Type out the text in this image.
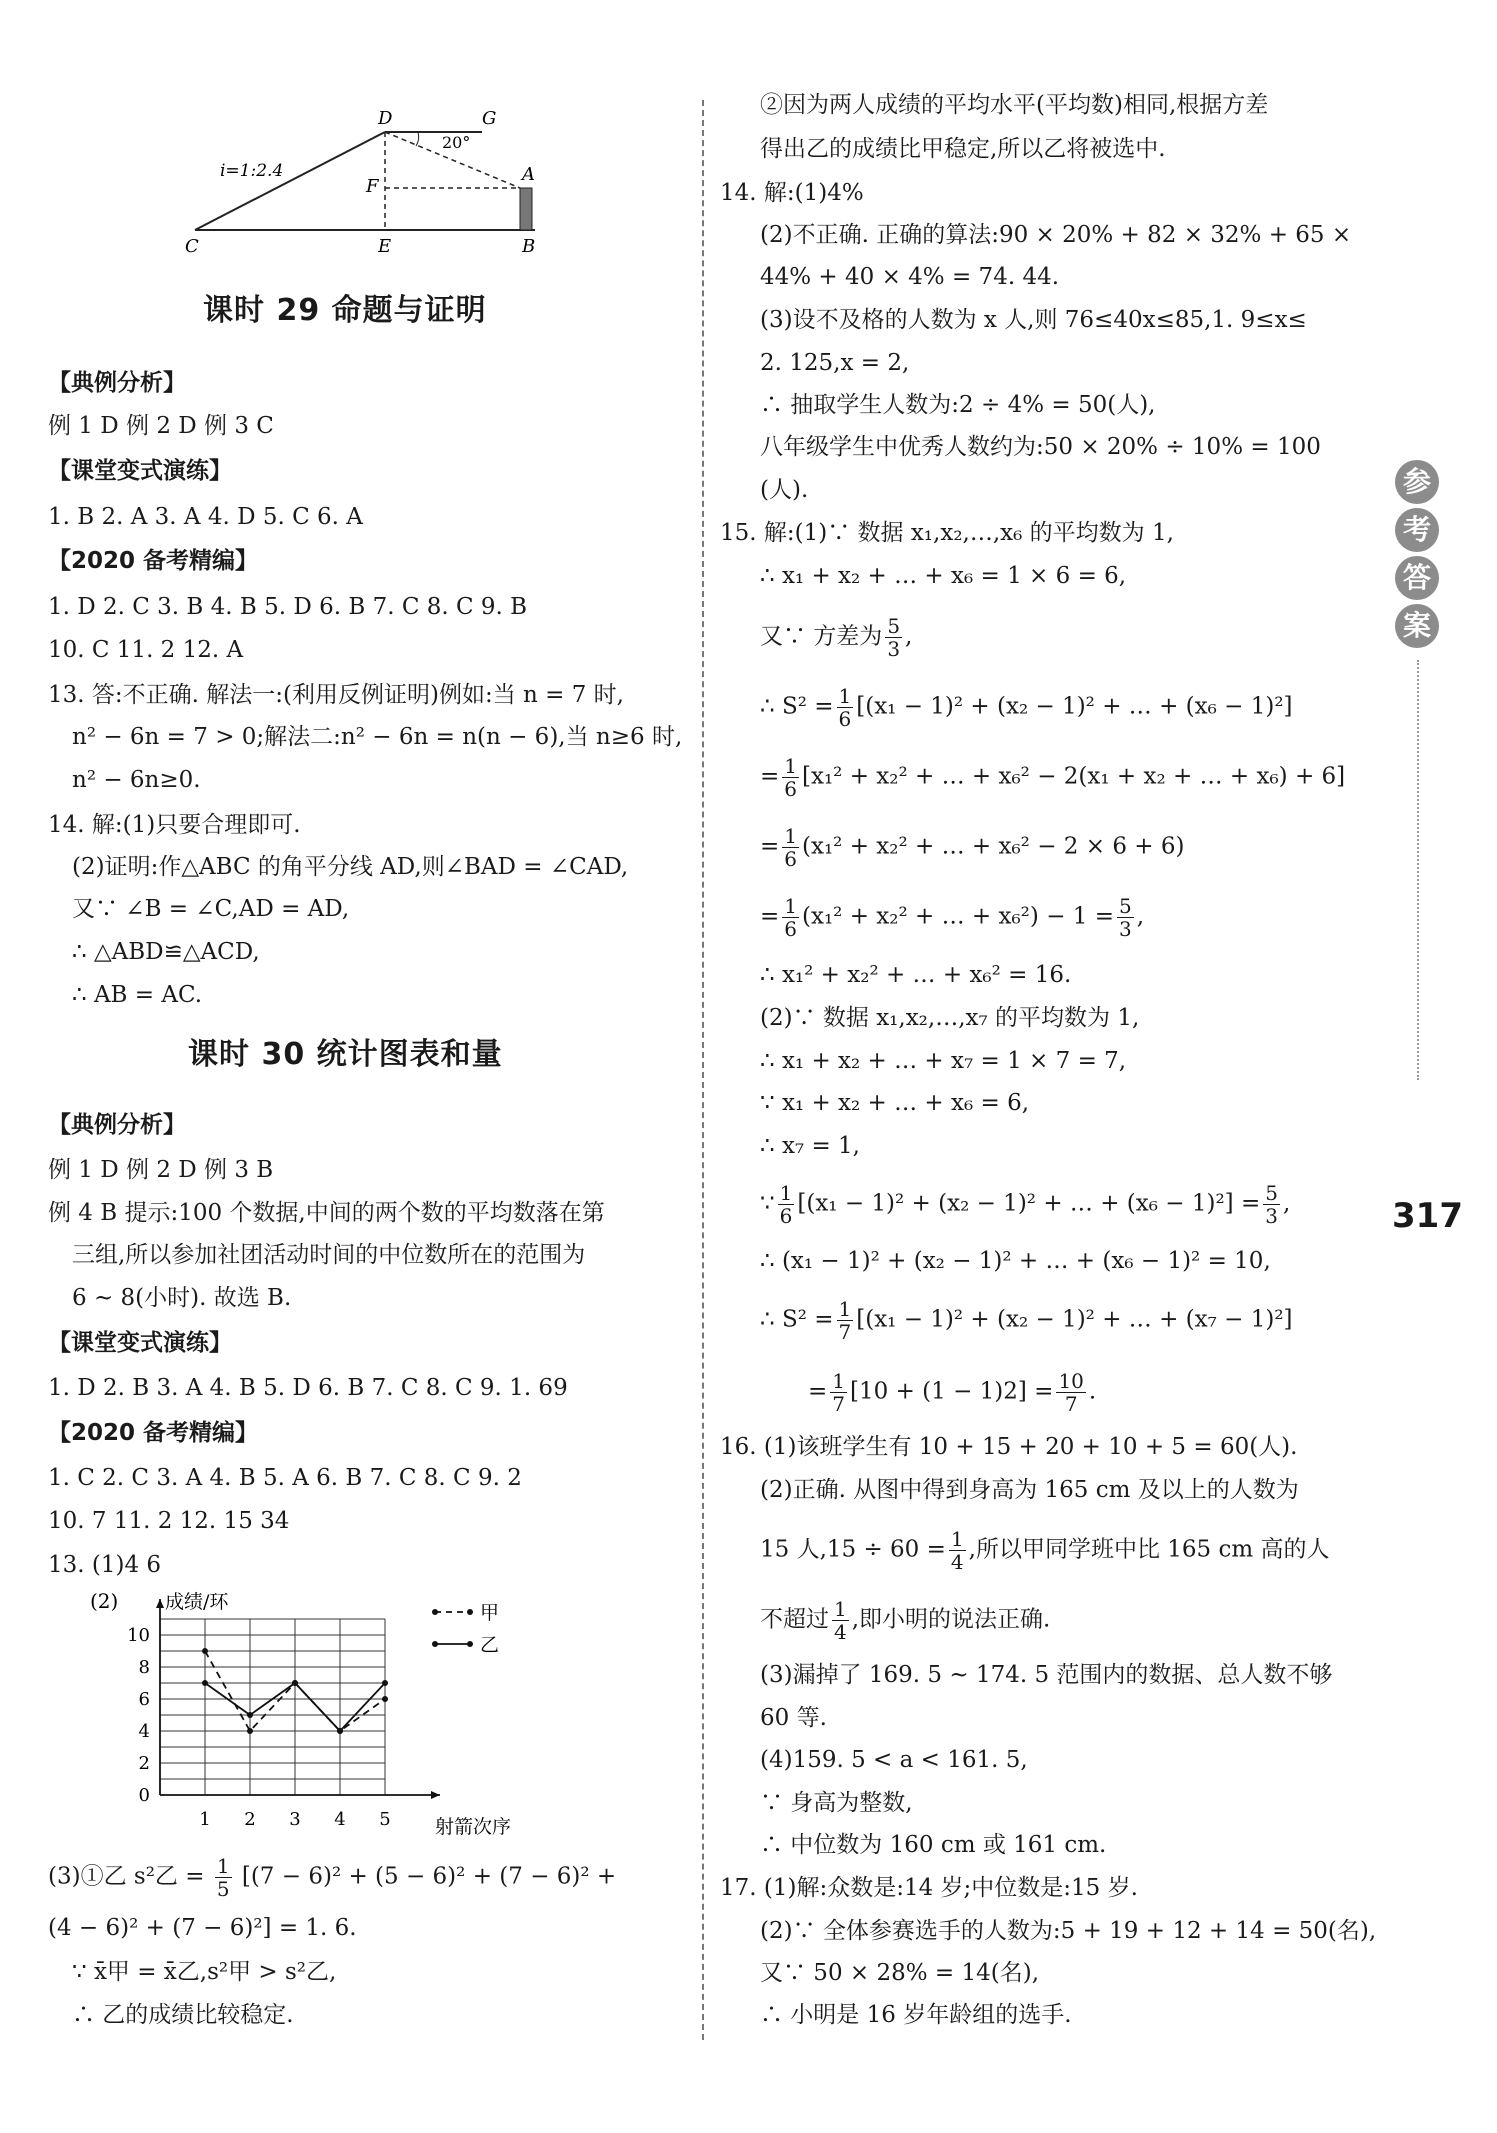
D	G
A
F
C	E	B
i=1:2.4
20°
课时 29 命题与证明
【典例分析】
例 1 D 例 2 D 例 3 C
【课堂变式演练】
1. B 2. A 3. A 4. D 5. C 6. A
【2020 备考精编】
1. D 2. C 3. B 4. B 5. D 6. B 7. C 8. C 9. B
10. C 11. 2 12. A
13. 答:不正确. 解法一:(利用反例证明)例如:当 n = 7 时,
n² − 6n = 7 > 0;解法二:n² − 6n = n(n − 6),当 n≥6 时,
n² − 6n≥0.
14. 解:(1)只要合理即可.
(2)证明:作△ABC 的角平分线 AD,则∠BAD = ∠CAD,
又∵ ∠B = ∠C,AD = AD,
∴ △ABD≌△ACD,
∴ AB = AC.
课时 30 统计图表和量
【典例分析】
例 1 D 例 2 D 例 3 B
例 4 B 提示:100 个数据,中间的两个数的平均数落在第
三组,所以参加社团活动时间的中位数所在的范围为
6 ~ 8(小时). 故选 B.
【课堂变式演练】
1. D 2. B 3. A 4. B 5. D 6. B 7. C 8. C 9. 1. 69
【2020 备考精编】
1. C 2. C 3. A 4. B 5. A 6. B 7. C 8. C 9. 2
10. 7 11. 2 12. 15 34
13. (1)4 6
(3)①乙 s²乙 = $\frac{1}{5} [(7 - 6)^2 + (5 - 6)^2 + (7 - 6)^2$ +
(4 − 6)² + (7 − 6)²] = 1. 6.
∵ x̄甲 = x̄乙,s²甲 > s²乙,
∴ 乙的成绩比较稳定.
(2) 成绩/环
射箭次序
0
2
4
6
8
10
1 2 3 4 5
甲
乙
②因为两人成绩的平均水平(平均数)相同,根据方差
得出乙的成绩比甲稳定,所以乙将被选中.
14. 解:(1)4%
(2)不正确. 正确的算法:90 × 20% + 82 × 32% + 65 ×
44% + 40 × 4% = 74. 44.
(3)设不及格的人数为 x 人,则 76≤40x≤85,1. 9≤x≤
2. 125,x = 2,
∴ 抽取学生人数为:2 ÷ 4% = 50(人),
八年级学生中优秀人数约为:50 × 20% ÷ 10% = 100
(人).
15. 解:(1)∵ 数据 x₁,x₂,…,x₆ 的平均数为 1,
∴ x₁ + x₂ + … + x₆ = 1 × 6 = 6,
又∵ 方差为 $\frac{5}{3}$ ,
∴ $S^2 = \frac{1}{6} [(x_1 - 1)^2 + (x_2 - 1)^2$ + … + (x₆ − 1)²]
= $\frac{1}{6} [x_1^2 + x_2^2$ + … + x₆² − 2(x₁ + x₂ + … + x₆) + 6]
= $\frac{1}{6} (x_1^2 + x_2^2$ + … + x₆² − 2 × 6 + 6)
= $\frac{1}{6} (x_1^2 + x_2^2$ + … + $x_6^2) - 1 = \frac{5}{3}$ ,
∴ x₁² + x₂² + … + x₆² = 16.
(2)∵ 数据 x₁,x₂,…,x₇ 的平均数为 1,
∴ x₁ + x₂ + … + x₇ = 1 × 7 = 7,
∵ x₁ + x₂ + … + x₆ = 6,
∴ x₇ = 1,
∵ $\frac{1}{6} [(x_1 - 1)^2 + (x_2 - 1)^2$ + … + $(x_6 - 1)^2] = \frac{5}{3}$ ,
∴ (x₁ − 1)² + (x₂ − 1)² + … + (x₆ − 1)² = 10,
∴ $S^2 = \frac{1}{7} [(x_1 - 1)^2 + (x_2 - 1)^2$ + … + (x₇ − 1)²]
= $\frac{1}{7} [10 + (1 - 1)2] = \frac{10}{7}$ .
16. (1)该班学生有 10 + 15 + 20 + 10 + 5 = 60(人).
(2)正确. 从图中得到身高为 165 cm 及以上的人数为
15 人$,15 \div 60 = \frac{1}{4}$ ,所以甲同学班中比 165 cm 高的人
不超过 $\frac{1}{4}$ ,即小明的说法正确.
(3)漏掉了 169. 5 ~ 174. 5 范围内的数据、总人数不够
60 等.
(4)159. 5 < a < 161. 5,
∵ 身高为整数,
∴ 中位数为 160 cm 或 161 cm.
17. (1)解:众数是:14 岁;中位数是:15 岁.
(2)∵ 全体参赛选手的人数为:5 + 19 + 12 + 14 = 50(名),
又∵ 50 × 28% = 14(名),
∴ 小明是 16 岁年龄组的选手.
参
考
答
案
317
